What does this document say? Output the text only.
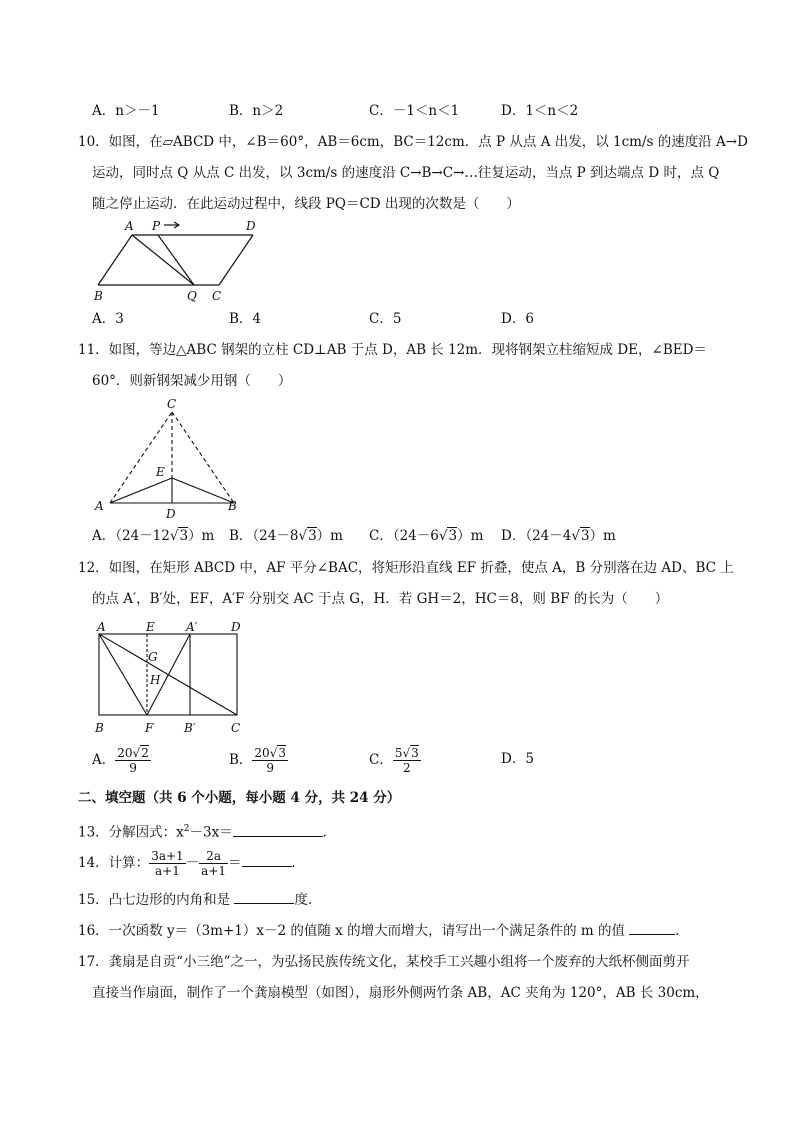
A．n＞－1	B．n＞2	C．－1＜n＜1	D．1＜n＜2
10．如图，在▱ABCD 中，∠B＝60°，AB＝6cm，BC＝12cm．点 P 从点 A 出发，以 1cm/s 的速度沿 A→D
运动，同时点 Q 从点 C 出发，以 3cm/s 的速度沿 C→B→C→…往复运动，当点 P 到达端点 D 时，点 Q
随之停止运动．在此运动过程中，线段 PQ＝CD 出现的次数是（　　）
A P	D
B	Q C
A．3	B．4	C．5	D．6
11．如图，等边△ABC 钢架的立柱 CD⊥AB 于点 D，AB 长 12m．现将钢架立柱缩短成 DE，∠BED＝
60°．则新钢架减少用钢（　　）
C
E
A	B
D
A．（24－12√3）m B．（24－8√3）m C．（24－6√3）m D．（24－4√3）m
12．如图，在矩形 ABCD 中，AF 平分∠BAC，将矩形沿直线 EF 折叠，使点 A，B 分别落在边 AD、BC 上
的点 A′，B′处，EF，A′F 分别交 AC 于点 G，H．若 GH＝2，HC＝8，则 BF 的长为（　　）
A	E	A′	D
G
H
B	F	B′	C
A． $\frac{20√2}{9}$	B． $\frac{20√3}{9}$	C． $\frac{5√3}{2}$	D．5
二、填空题（共 6 个小题，每小题 4 分，共 24 分）
13．分解因式：$x^2-3x=$	．
14．计算： $\frac{3a+1}{a+1} - \frac{2a}{a+1}$ ＝	．
15．凸七边形的内角和是	度．
16．一次函数 y＝（3m+1）x－2 的值随 x 的增大而增大，请写出一个满足条件的 m 的值	．
17．龚扇是自贡“小三绝”之一，为弘扬民族传统文化，某校手工兴趣小组将一个废弃的大纸杯侧面剪开
直接当作扇面，制作了一个龚扇模型（如图），扇形外侧两竹条 AB，AC 夹角为 120°，AB 长 30cm，
